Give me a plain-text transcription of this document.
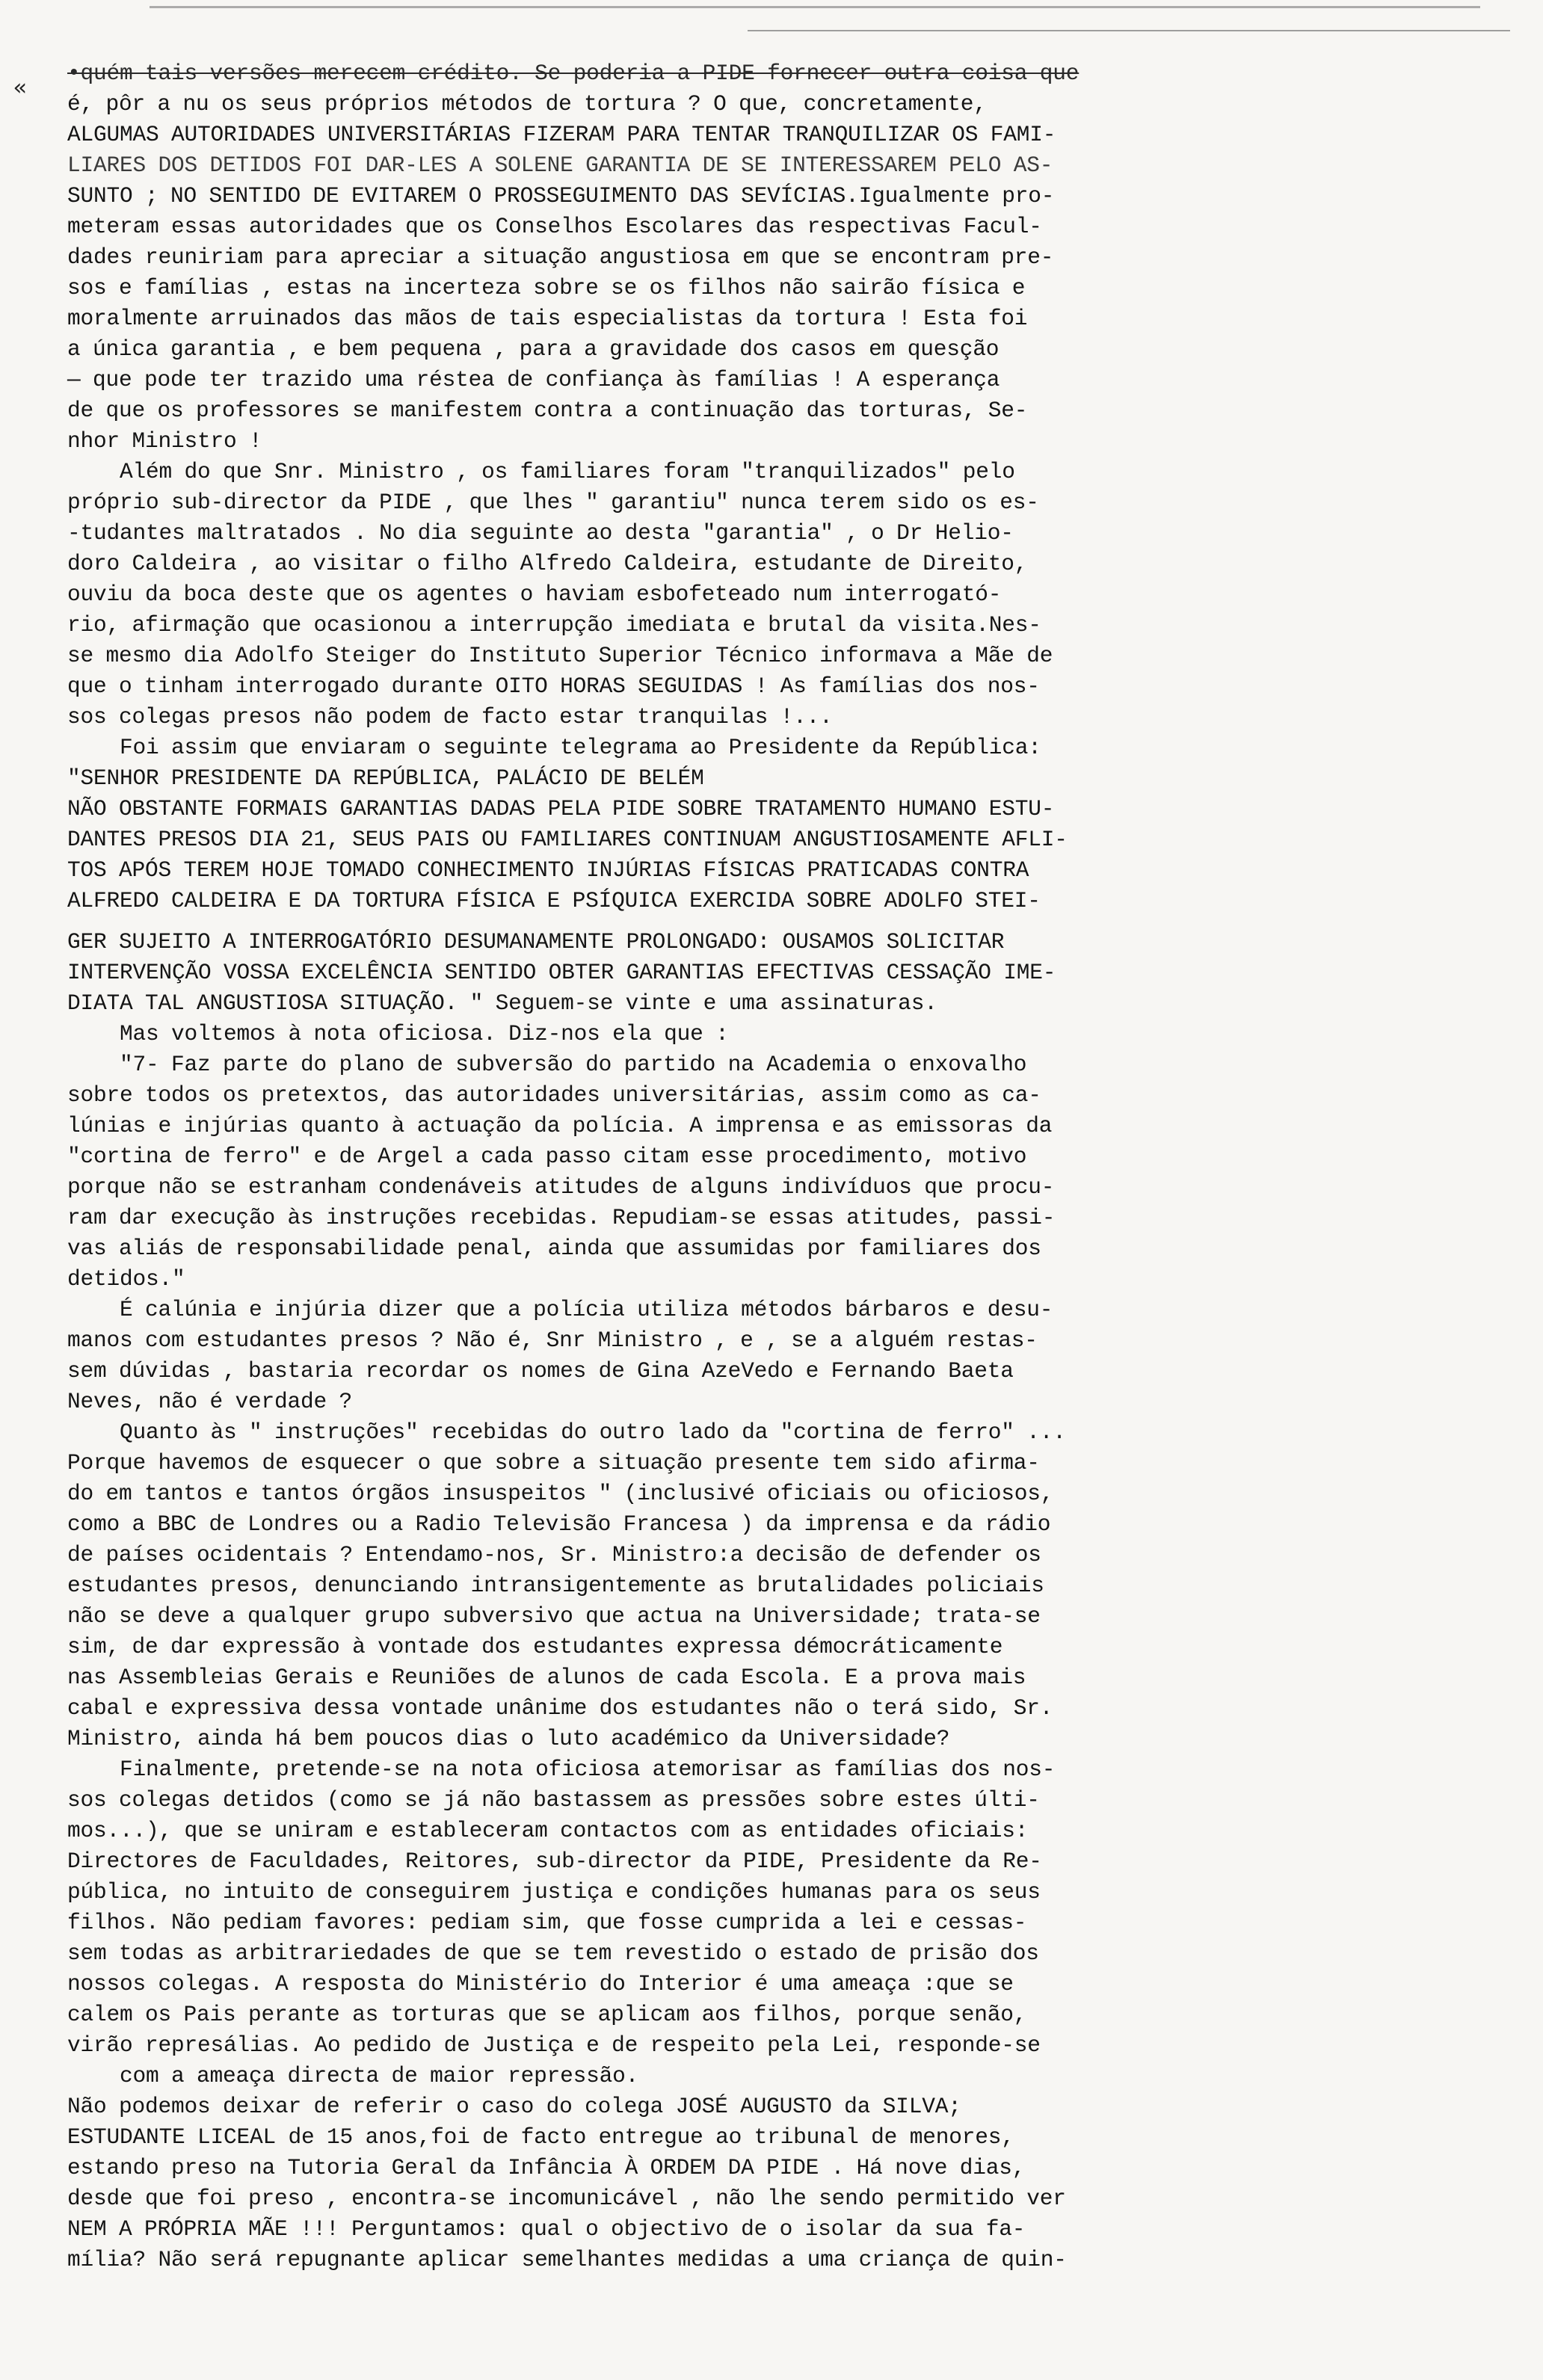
«
•quém tais versões merecem crédito. Se poderia a PIDE fornecer outra coisa que
é, pôr a nu os seus próprios métodos de tortura ? O que, concretamente,
ALGUMAS AUTORIDADES UNIVERSITÁRIAS FIZERAM PARA TENTAR TRANQUILIZAR OS FAMI-
LIARES DOS DETIDOS FOI DAR-LES A SOLENE GARANTIA DE SE INTERESSAREM PELO AS-
SUNTO ; NO SENTIDO DE EVITAREM O PROSSEGUIMENTO DAS SEVÍCIAS.Igualmente pro-
meteram essas autoridades que os Conselhos Escolares das respectivas Facul-
dades reuniriam para apreciar a situação angustiosa em que se encontram pre-
sos e famílias , estas na incerteza sobre se os filhos não sairão física e
moralmente arruinados das mãos de tais especialistas da tortura ! Esta foi
a única garantia , e bem pequena , para a gravidade dos casos em quesção
— que pode ter trazido uma réstea de confiança às famílias ! A esperança
de que os professores se manifestem contra a continuação das torturas, Se-
nhor Ministro !
Além do que Snr. Ministro , os familiares foram "tranquilizados" pelo
próprio sub-director da PIDE , que lhes " garantiu" nunca terem sido os es-
-tudantes maltratados . No dia seguinte ao desta "garantia" , o Dr Helio-
doro Caldeira , ao visitar o filho Alfredo Caldeira, estudante de Direito,
ouviu da boca deste que os agentes o haviam esbofeteado num interrogató-
rio, afirmação que ocasionou a interrupção imediata e brutal da visita.Nes-
se mesmo dia Adolfo Steiger do Instituto Superior Técnico informava a Mãe de
que o tinham interrogado durante OITO HORAS SEGUIDAS ! As famílias dos nos-
sos colegas presos não podem de facto estar tranquilas !...
Foi assim que enviaram o seguinte telegrama ao Presidente da República:
"SENHOR PRESIDENTE DA REPÚBLICA, PALÁCIO DE BELÉM
NÃO OBSTANTE FORMAIS GARANTIAS DADAS PELA PIDE SOBRE TRATAMENTO HUMANO ESTU-
DANTES PRESOS DIA 21, SEUS PAIS OU FAMILIARES CONTINUAM ANGUSTIOSAMENTE AFLI-
TOS APÓS TEREM HOJE TOMADO CONHECIMENTO INJÚRIAS FÍSICAS PRATICADAS CONTRA
ALFREDO CALDEIRA E DA TORTURA FÍSICA E PSÍQUICA EXERCIDA SOBRE ADOLFO STEI-
GER SUJEITO A INTERROGATÓRIO DESUMANAMENTE PROLONGADO: OUSAMOS SOLICITAR
INTERVENÇÃO VOSSA EXCELÊNCIA SENTIDO OBTER GARANTIAS EFECTIVAS CESSAÇÃO IME-
DIATA TAL ANGUSTIOSA SITUAÇÃO. " Seguem-se vinte e uma assinaturas.
Mas voltemos à nota oficiosa. Diz-nos ela que :
"7- Faz parte do plano de subversão do partido na Academia o enxovalho
sobre todos os pretextos, das autoridades universitárias, assim como as ca-
lúnias e injúrias quanto à actuação da polícia. A imprensa e as emissoras da
"cortina de ferro" e de Argel a cada passo citam esse procedimento, motivo
porque não se estranham condenáveis atitudes de alguns indivíduos que procu-
ram dar execução às instruções recebidas. Repudiam-se essas atitudes, passi-
vas aliás de responsabilidade penal, ainda que assumidas por familiares dos
detidos."
É calúnia e injúria dizer que a polícia utiliza métodos bárbaros e desu-
manos com estudantes presos ? Não é, Snr Ministro , e , se a alguém restas-
sem dúvidas , bastaria recordar os nomes de Gina AzeVedo e Fernando Baeta
Neves, não é verdade ?
Quanto às " instruções" recebidas do outro lado da "cortina de ferro" ...
Porque havemos de esquecer o que sobre a situação presente tem sido afirma-
do em tantos e tantos órgãos insuspeitos " (inclusivé oficiais ou oficiosos,
como a BBC de Londres ou a Radio Televisão Francesa ) da imprensa e da rádio
de países ocidentais ? Entendamo-nos, Sr. Ministro:a decisão de defender os
estudantes presos, denunciando intransigentemente as brutalidades policiais
não se deve a qualquer grupo subversivo que actua na Universidade; trata-se
sim, de dar expressão à vontade dos estudantes expressa démocráticamente
nas Assembleias Gerais e Reuniões de alunos de cada Escola. E a prova mais
cabal e expressiva dessa vontade unânime dos estudantes não o terá sido, Sr.
Ministro, ainda há bem poucos dias o luto académico da Universidade?
Finalmente, pretende-se na nota oficiosa atemorisar as famílias dos nos-
sos colegas detidos (como se já não bastassem as pressões sobre estes últi-
mos...), que se uniram e estableceram contactos com as entidades oficiais:
Directores de Faculdades, Reitores, sub-director da PIDE, Presidente da Re-
pública, no intuito de conseguirem justiça e condições humanas para os seus
filhos. Não pediam favores: pediam sim, que fosse cumprida a lei e cessas-
sem todas as arbitrariedades de que se tem revestido o estado de prisão dos
nossos colegas. A resposta do Ministério do Interior é uma ameaça :que se
calem os Pais perante as torturas que se aplicam aos filhos, porque senão,
virão represálias. Ao pedido de Justiça e de respeito pela Lei, responde-se
com a ameaça directa de maior repressão.
Não podemos deixar de referir o caso do colega JOSÉ AUGUSTO da SILVA;
ESTUDANTE LICEAL de 15 anos,foi de facto entregue ao tribunal de menores,
estando preso na Tutoria Geral da Infância À ORDEM DA PIDE . Há nove dias,
desde que foi preso , encontra-se incomunicável , não lhe sendo permitido ver
NEM A PRÓPRIA MÃE !!! Perguntamos: qual o objectivo de o isolar da sua fa-
mília? Não será repugnante aplicar semelhantes medidas a uma criança de quin-
